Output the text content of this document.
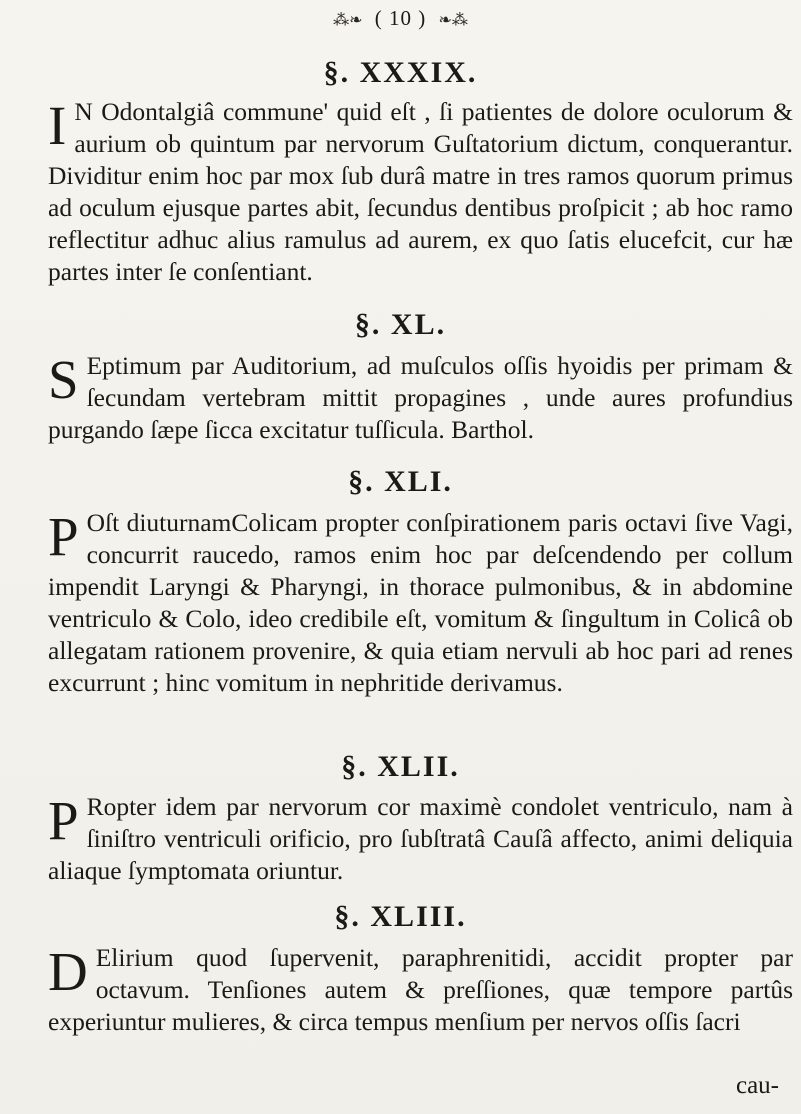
⁂❧ ( 10 ) ❧⁂
§. XXXIX.

I N Odontalgiâ commune' quid eſt , ſi patientes de dolore oculorum & aurium ob quintum par nervorum Guſtatorium dictum, conquerantur. Dividitur enim hoc par mox ſub durâ matre in tres ramos quorum primus ad oculum ejusque partes abit, ſecundus dentibus proſpicit ; ab hoc ramo reflectitur adhuc alius ramulus ad aurem, ex quo ſatis elucefcit, cur hæ partes inter ſe conſentiant.

§. XL.

S Eptimum par Auditorium, ad muſculos oſſis hyoidis per primam & ſecundam vertebram mittit propagines , unde aures profundius purgando ſæpe ſicca excitatur tuſſicula. Barthol.

§. XLI.

P Oſt diuturnamColicam propter conſpirationem paris octavi ſive Vagi, concurrit raucedo, ramos enim hoc par deſcendendo per collum impendit Laryngi & Pharyngi, in thorace pulmonibus, & in abdomine ventriculo & Colo, ideo credibile eſt, vomitum & ſingultum in Colicâ ob allegatam rationem provenire, & quia etiam nervuli ab hoc pari ad renes excurrunt ; hinc vomitum in nephritide derivamus.

§. XLII.

P Ropter idem par nervorum cor maximè condolet ventriculo, nam à ſiniſtro ventriculi orificio, pro ſubſtratâ Cauſâ affecto, animi deliquia aliaque ſymptomata oriuntur.

§. XLIII.

D Elirium quod ſupervenit, paraphrenitidi, accidit propter par octavum. Tenſiones autem & preſſiones, quæ tempore partûs experiuntur mulieres, & circa tempus menſium per nervos oſſis ſacri

cau-
